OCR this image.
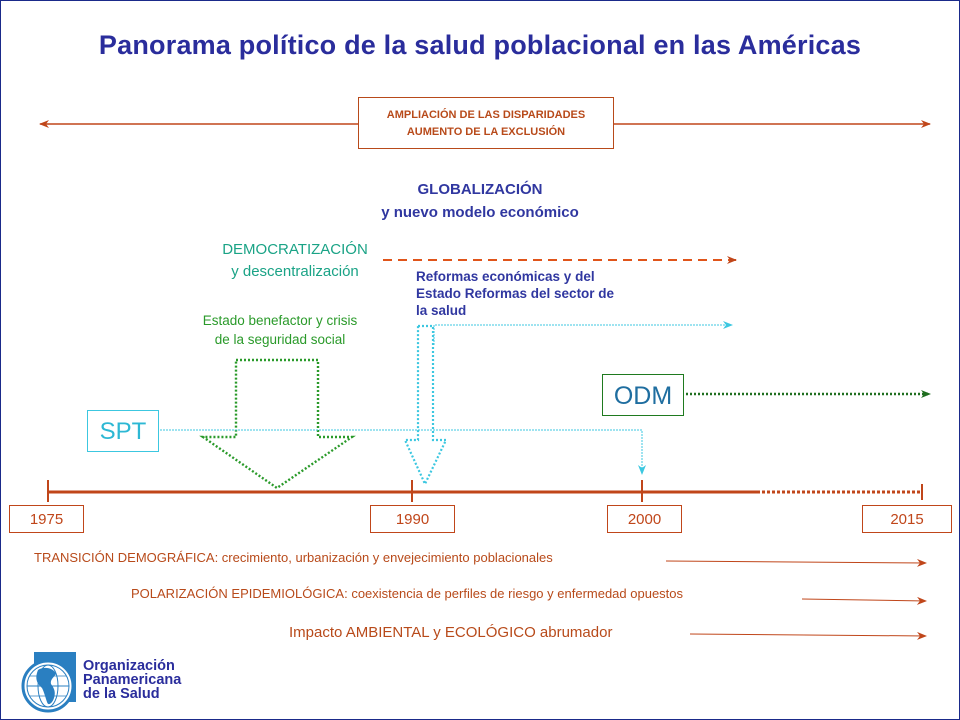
Panorama político de la salud poblacional en las Américas
AMPLIACIÓN DE LAS DISPARIDADES
AUMENTO DE LA EXCLUSIÓN
GLOBALIZACIÓN
y nuevo modelo económico
DEMOCRATIZACIÓN
y descentralización	Reformas económicas y del
Estado Reformas del sector de
la salud
Estado benefactor y crisis
de la seguridad social
ODM
SPT
1975	1990	2000	2015
TRANSICIÓN DEMOGRÁFICA: crecimiento, urbanización y envejecimiento poblacionales
POLARIZACIÓN EPIDEMIOLÓGICA: coexistencia de perfiles de riesgo y enfermedad opuestos
Impacto AMBIENTAL y ECOLÓGICO abrumador
Organización
Panamericana
de la Salud
